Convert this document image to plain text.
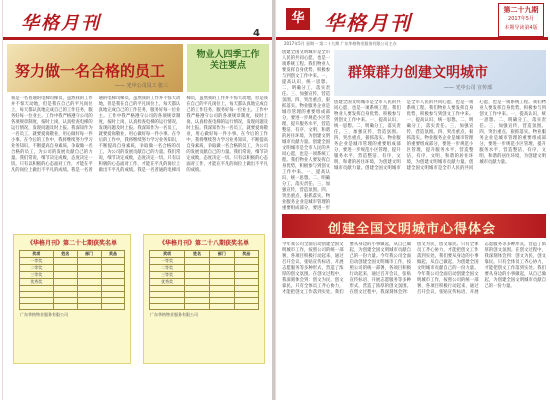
华格月刊	4
努力做一名合格的员工
—— 光中公司员工 张三
物业人四季工作关注要点
我是一名普通的电梯司梯员，虽然我的工作并不惊天动地，但是我在自己的平凡岗位上，每天都认真地完成自己的工作任务，服务好每一位业主。工作中我严格遵守公司的各项规章制度，按时上岗，认真检查电梯的运行情况，发现问题及时上报。我深知作为一名员工，就要爱岗敬业，用心做好每一件小事。在今后的工作中，我将继续努力学习业务知识，不断提高自身素质，争取做一名合格的员工，为公司的发展贡献自己的力量。我们常说，细节决定成败，态度决定一切。只有以积极的心态面对工作，才能在平凡的岗位上做出不平凡的成绩。我是一名普通的电梯司梯员，虽然我的工作并不惊天动地，但是我在自己的平凡岗位上，每天都认真地完成自己的工作任务，服务好每一位业主。工作中我严格遵守公司的各项规章制度，按时上岗，认真检查电梯的运行情况，发现问题及时上报。我深知作为一名员工，就要爱岗敬业，用心做好每一件小事。在今后的工作中，我将继续努力学习业务知识，不断提高自身素质，争取做一名合格的员工，为公司的发展贡献自己的力量。我们常说，细节决定成败，态度决定一切。只有以积极的心态面对工作，才能在平凡的岗位上做出不平凡的成绩。我是一名普通的电梯司梯员，虽然我的工作并不惊天动地，但是我在自己的平凡岗位上，每天都认真地完成自己的工作任务，服务好每一位业主。工作中我严格遵守公司的各项规章制度，按时上岗，认真检查电梯的运行情况，发现问题及时上报。我深知作为一名员工，就要爱岗敬业，用心做好每一件小事。在今后的工作中，我将继续努力学习业务知识，不断提高自身素质，争取做一名合格的员工，为公司的发展贡献自己的力量。我们常说，细节决定成败，态度决定一切。只有以积极的心态面对工作，才能在平凡的岗位上做出不平凡的成绩。
《华格月刊》第二十七期获奖名单
奖项	姓名	部门	奖品
一等奖			
二等奖			
三等奖			
优秀奖			

广东华格物业服务有限公司
《华格月刊》第二十八期获奖名单
奖项	姓名	部门	奖品
一等奖			
二等奖			
三等奖			
优秀奖			

广东华格物业服务有限公司
华 华格月刊
第二十九期
2017年5月
本期导读第4版
2017年5月 星期一 第二十九期 广东华格物业服务有限公司主办
群策群力创建文明城市
—— 光中公司 宣传部
创建全国文明城市是全市人民的共同心愿，也是一项系统工程。我们物业人要发挥自身优势，积极参与到创文工作中来。一、提高认识，统一思想。二、明确分工，落实责任。三、加强宣传，营造氛围。四、突出重点，狠抓落实。物业服务企业是城市管理的重要组成部分，要进一步规范小区管理，提升服务水平，营造整洁、有序、文明、和谐的居住环境，为创建文明城市贡献力量。创建全国文明城市是全市人民的共同心愿，也是一项系统工程。我们物业人要发挥自身优势，积极参与到创文工作中来。一、提高认识，统一思想。二、明确分工，落实责任。三、加强宣传，营造氛围。四、突出重点，狠抓落实。物业服务企业是城市管理的重要组成部分，要进一步
创建全国文明城市是全市人民的共同心愿，也是一项系统工程。我们物业人要发挥自身优势，积极参与到创文工作中来。一、提高认识，统一思想。二、明确分工，落实责任。三、加强宣传，营造氛围。四、突出重点，狠抓落实。物业服务企业是城市管理的重要组成部分，要进一步规范小区管理，提升服务水平，营造整洁、有序、文明、和谐的居住环境，为创建文明城市贡献力量。创建全国文明城市是全市人民的共同心愿，也是一项系统工程。我们物业人要发挥自身优势，积极参与到创文工作中来。一、提高认识，统一思想。二、明确分工，落实责任。三、加强宣传，营造氛围。四、突出重点，狠抓落实。物业服务企业是城市管理的重要组成部分，要进一步规范小区管理，提升服务水平，营造整洁、有序、文明、和谐的居住环境，为创建文明城市贡献力量。创建全国文明城市是全市人民的共同心愿，也是一项系统工程。我们物业人要发挥自身优势，积极参与到创文工作中来。一、提高认识，统一思想。二、明确分工，落实责任。三、加强宣传，营造氛围。四、突出重点，狠抓落实。物业服务企业是城市管理的重要组成部分，要进一步规范小区管理，提升服务水平，营造整洁、有序、文明、和谐的居住环境，为创建文明城市贡献力量。
创建全国文明城市心得体会
今年我公司全面启动创建全国文明城市工作，按照公司的统一部署，各项目积极行动起来，通过召开会议、张贴宣传标语、开展志愿服务等多种形式，营造了浓厚的创文氛围。在创文过程中，我深刻体会到：创文为民，创文靠民。只有全体员工齐心协力，才能把创文工作落到实处。我们要从身边的小事做起，从自己做起，为创建全国文明城市贡献自己的一份力量。今年我公司全面启动创建全国文明城市工作，按照公司的统一部署，各项目积极行动起来，通过召开会议、张贴宣传标语、开展志愿服务等多种形式，营造了浓厚的创文氛围。在创文过程中，我深刻体会到：创文为民，创文靠民。只有全体员工齐心协力，才能把创文工作落到实处。我们要从身边的小事做起，从自己做起，为创建全国文明城市贡献自己的一份力量。今年我公司全面启动创建全国文明城市工作，按照公司的统一部署，各项目积极行动起来，通过召开会议、张贴宣传标语、开展志愿服务等多种形式，营造了浓厚的创文氛围。在创文过程中，我深刻体会到：创文为民，创文靠民。只有全体员工齐心协力，才能把创文工作落到实处。我们要从身边的小事做起，从自己做起，为创建全国文明城市贡献自己的一份力量。
